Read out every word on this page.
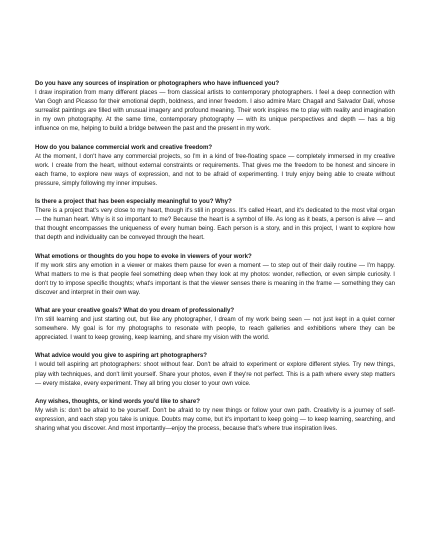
Do you have any sources of inspiration or photographers who have influenced you?

I draw inspiration from many different places — from classical artists to contemporary photographers. I feel a deep connection with Van Gogh and Picasso for their emotional depth, boldness, and inner freedom. I also admire Marc Chagall and Salvador Dalí, whose surrealist paintings are filled with unusual imagery and profound meaning. Their work inspires me to play with reality and imagination in my own photography. At the same time, contemporary photography — with its unique perspectives and depth — has a big influence on me, helping to build a bridge between the past and the present in my work.

How do you balance commercial work and creative freedom?

At the moment, I don't have any commercial projects, so I'm in a kind of free-floating space — completely immersed in my creative work. I create from the heart, without external constraints or requirements. That gives me the freedom to be honest and sincere in each frame, to explore new ways of expression, and not to be afraid of experimenting. I truly enjoy being able to create without pressure, simply following my inner impulses.

Is there a project that has been especially meaningful to you? Why?

There is a project that's very close to my heart, though it's still in progress. It's called Heart, and it's dedicated to the most vital organ — the human heart. Why is it so important to me? Because the heart is a symbol of life. As long as it beats, a person is alive — and that thought encompasses the uniqueness of every human being. Each person is a story, and in this project, I want to explore how that depth and individuality can be conveyed through the heart.

What emotions or thoughts do you hope to evoke in viewers of your work?

If my work stirs any emotion in a viewer or makes them pause for even a moment — to step out of their daily routine — I'm happy. What matters to me is that people feel something deep when they look at my photos: wonder, reflection, or even simple curiosity. I don't try to impose specific thoughts; what's important is that the viewer senses there is meaning in the frame — something they can discover and interpret in their own way.

What are your creative goals? What do you dream of professionally?

I'm still learning and just starting out, but like any photographer, I dream of my work being seen — not just kept in a quiet corner somewhere. My goal is for my photographs to resonate with people, to reach galleries and exhibitions where they can be appreciated. I want to keep growing, keep learning, and share my vision with the world.

What advice would you give to aspiring art photographers?

I would tell aspiring art photographers: shoot without fear. Don't be afraid to experiment or explore different styles. Try new things, play with techniques, and don't limit yourself. Share your photos, even if they're not perfect. This is a path where every step matters — every mistake, every experiment. They all bring you closer to your own voice.

Any wishes, thoughts, or kind words you'd like to share?

My wish is: don't be afraid to be yourself. Don't be afraid to try new things or follow your own path. Creativity is a journey of self-expression, and each step you take is unique. Doubts may come, but it's important to keep going — to keep learning, searching, and sharing what you discover. And most importantly—enjoy the process, because that's where true inspiration lives.
